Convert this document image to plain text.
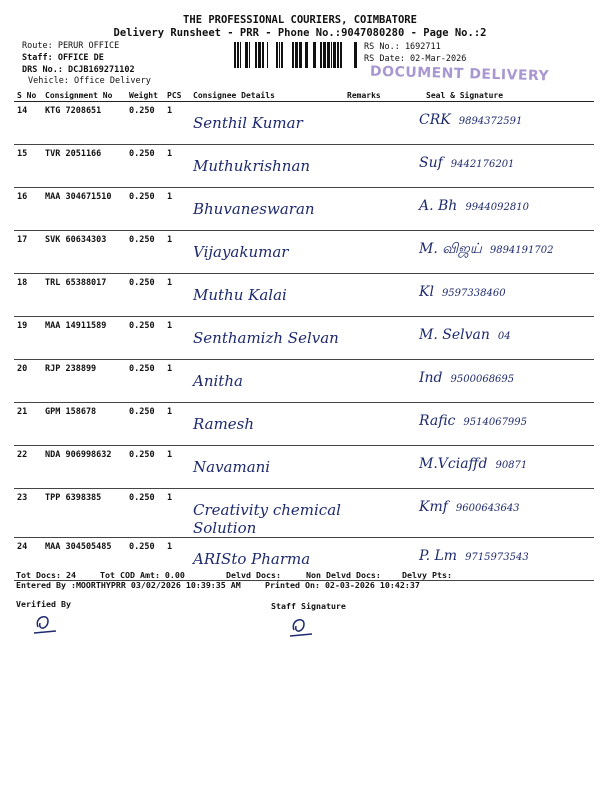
THE PROFESSIONAL COURIERS, COIMBATORE
Delivery Runsheet - PRR - Phone No.:9047080280 - Page No.:2
Route: PERUR OFFICE
Staff: OFFICE DE
DRS No.: DCJB169271102
Vehicle: Office Delivery
RS No.: 1692711
RS Date: 02-Mar-2026
DOCUMENT DELIVERY
S No	Consignment No	Weight	PCS	Consignee Details	Remarks	Seal & Signature
14	KTG 7208651	0.250	1	Senthil Kumar		CRK 9894372591
15	TVR 2051166	0.250	1	Muthukrishnan		Suf 9442176201
16	MAA 304671510	0.250	1	Bhuvaneswaran		A. Bh 9944092810
17	SVK 60634303	0.250	1	Vijayakumar		M. விஜய் 9894191702
18	TRL 65388017	0.250	1	Muthu Kalai		Kl 9597338460
19	MAA 14911589	0.250	1	Senthamizh Selvan		M. Selvan 04
20	RJP 238899	0.250	1	Anitha		Ind 9500068695
21	GPM 158678	0.250	1	Ramesh		Rafic 9514067995
22	NDA 906998632	0.250	1	Navamani		M.Vciaffd 90871
23	TPP 6398385	0.250	1	Creativity chemical Solution		Kmf 9600643643
24	MAA 304505485	0.250	1	ARISto Pharma		P. Lm 9715973543
Tot Docs: 24	Tot COD Amt: 0.00	Delvd Docs:	Non Delvd Docs:	Delvy Pts:
Entered By :MOORTHYPRR 03/02/2026 10:39:35 AM	Printed On: 02-03-2026 10:42:37
Verified By	Staff Signature
